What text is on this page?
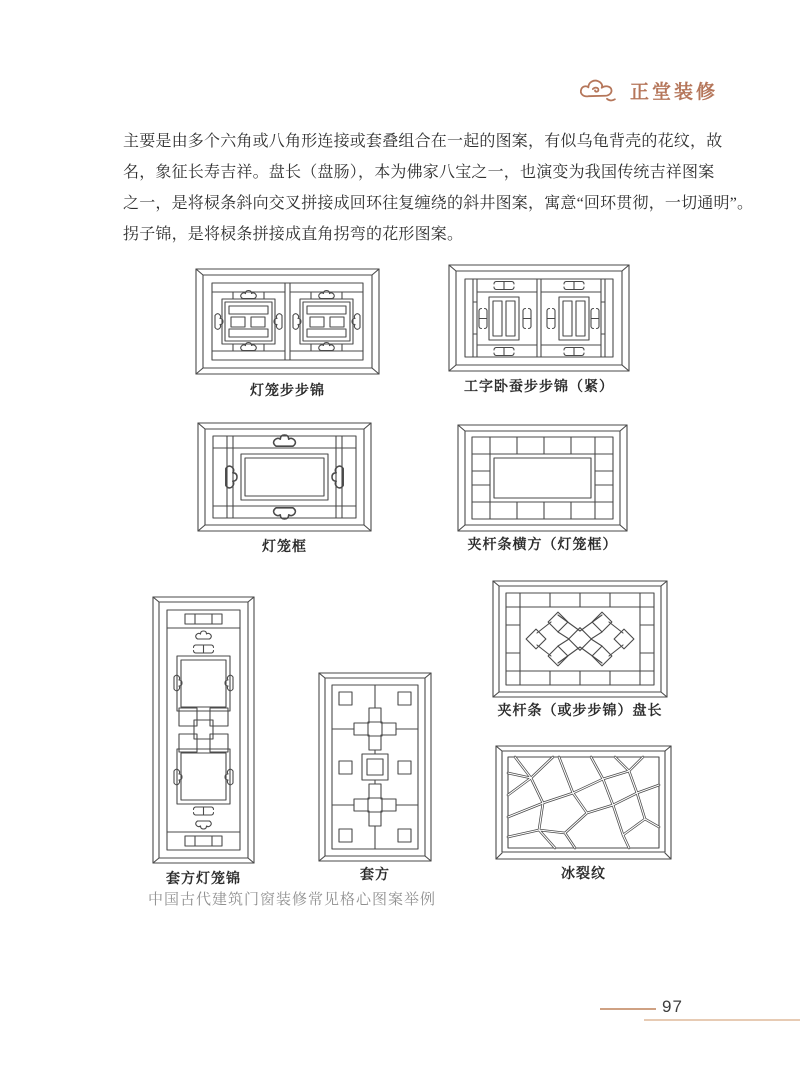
正堂装修
主要是由多个六角或八角形连接或套叠组合在一起的图案，有似乌龟背壳的花纹，故
名，象征长寿吉祥。盘长（盘肠），本为佛家八宝之一，也演变为我国传统吉祥图案
之一，是将棂条斜向交叉拼接成回环往复缠绕的斜井图案，寓意“回环贯彻，一切通明”。
拐子锦，是将棂条拼接成直角拐弯的花形图案。
灯笼步步锦	工字卧蚕步步锦（紧）
灯笼框	夹杆条横方（灯笼框）
套方灯笼锦	套方
夹杆条（或步步锦）盘长
冰裂纹
中国古代建筑门窗装修常见格心图案举例
97
